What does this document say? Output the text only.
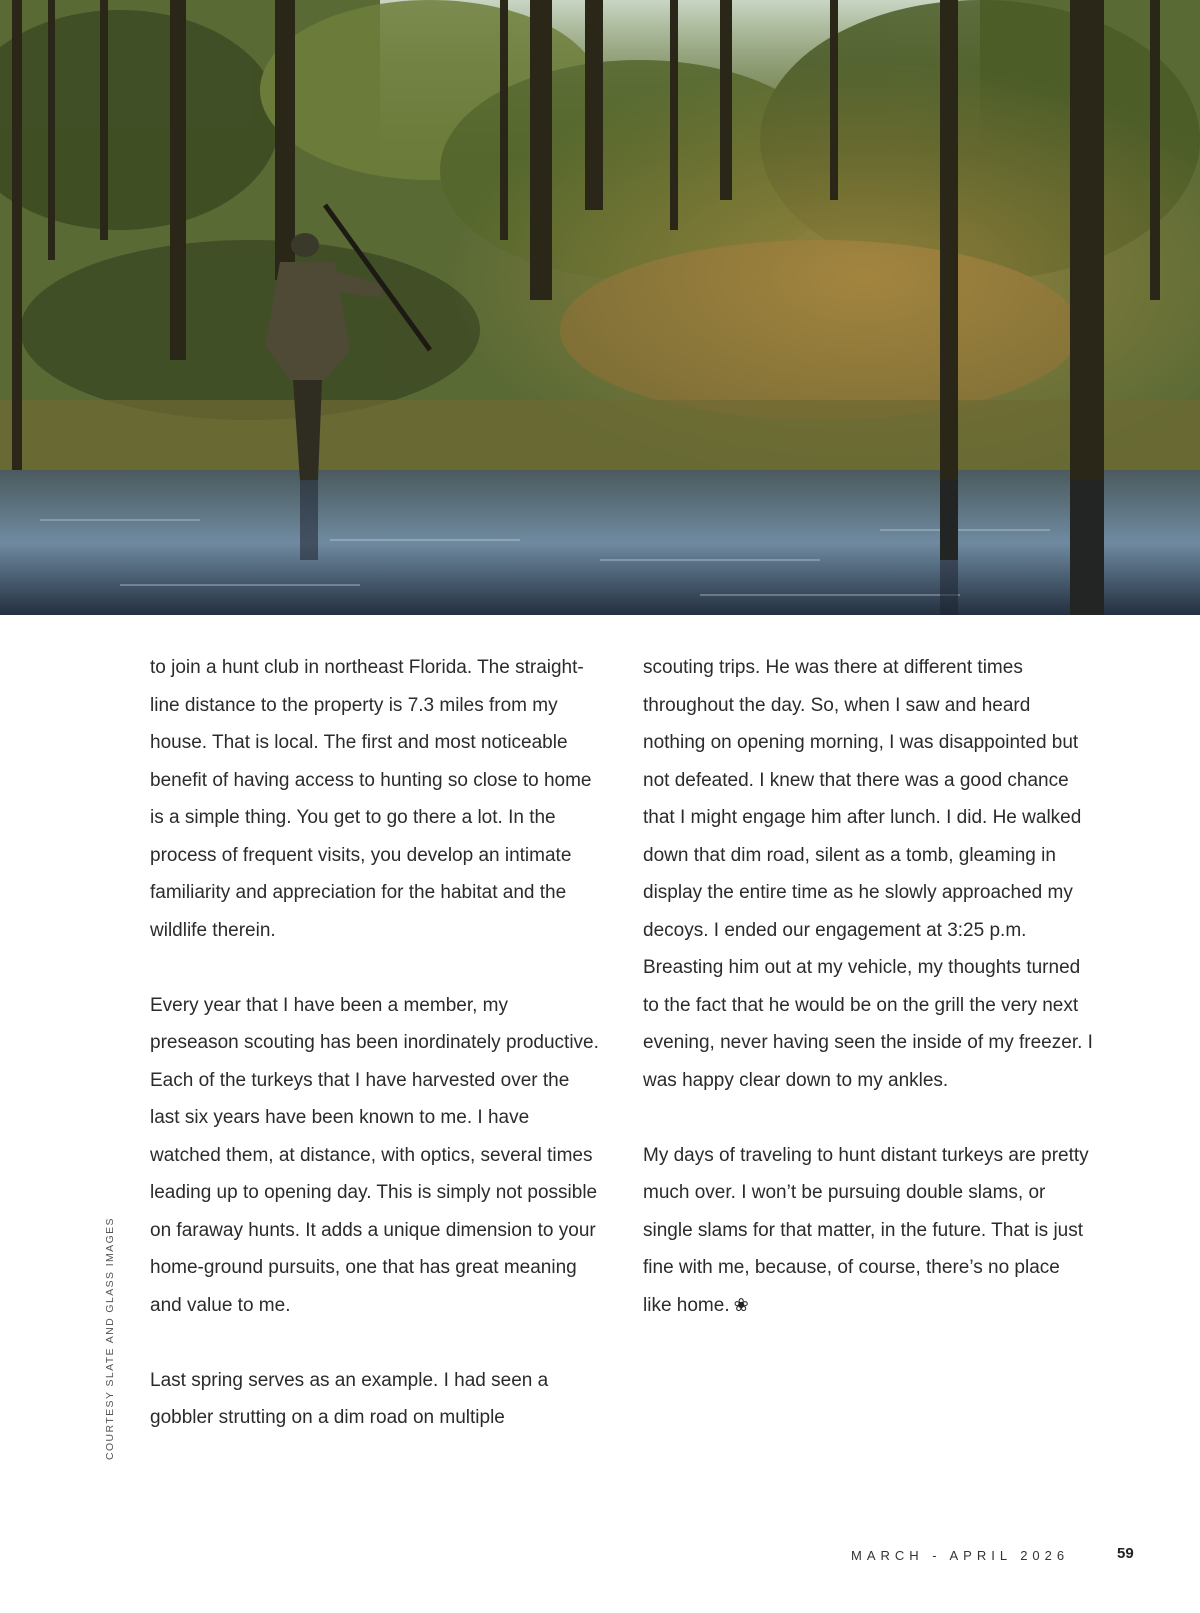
COURTESY SLATE AND GLASS IMAGES

to join a hunt club in northeast Florida. The straight-line distance to the property is 7.3 miles from my house. That is local. The first and most noticeable benefit of having access to hunting so close to home is a simple thing. You get to go there a lot. In the process of frequent visits, you develop an intimate familiarity and appreciation for the habitat and the wildlife therein.

Every year that I have been a member, my preseason scouting has been inordinately productive. Each of the turkeys that I have harvested over the last six years have been known to me. I have watched them, at distance, with optics, several times leading up to opening day. This is simply not possible on faraway hunts. It adds a unique dimension to your home-ground pursuits, one that has great meaning and value to me.

Last spring serves as an example. I had seen a gobbler strutting on a dim road on multiple

scouting trips. He was there at different times throughout the day. So, when I saw and heard nothing on opening morning, I was disappointed but not defeated. I knew that there was a good chance that I might engage him after lunch. I did. He walked down that dim road, silent as a tomb, gleaming in display the entire time as he slowly approached my decoys. I ended our engagement at 3:25 p.m. Breasting him out at my vehicle, my thoughts turned to the fact that he would be on the grill the very next evening, never having seen the inside of my freezer. I was happy clear down to my ankles.

My days of traveling to hunt distant turkeys are pretty much over. I won’t be pursuing double slams, or single slams for that matter, in the future. That is just fine with me, because, of course, there’s no place like home. ❀

MARCH - APRIL 2026	59
